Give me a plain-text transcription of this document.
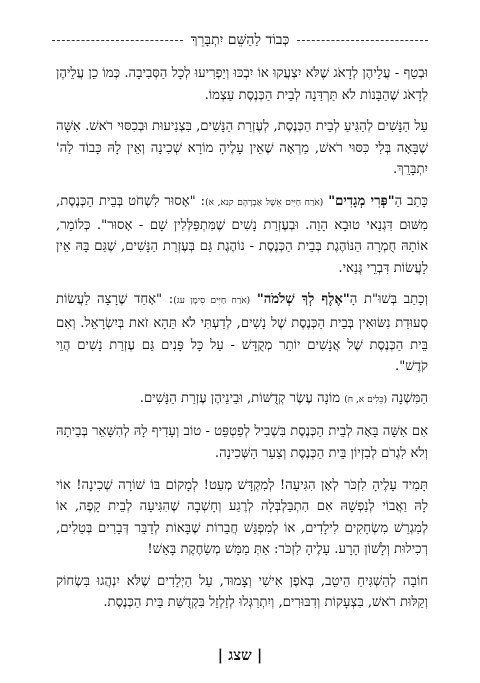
כְּבוֹד לַהַשֵּׁם יִתְבָּרֵךְ

וּבְטֵף - עֲלֵיהֶן לְדָאֹג שֶׁלֹּא יִצְעֲקוּ אוֹ יִבְכּוּ וְיַפְרִיעוּ לְכָל הַסְּבִיבָה. כְּמוֹ כֵן עֲלֵיהֶן לְדָאֹג שֶׁהַבָּנוֹת לֹא תַּרְדַּנָה לְבֵית הַכְּנֶסֶת עַצְמוֹ.

עַל הַנָּשִׁים לְהַגִּיעַ לְבֵית הַכְּנֶסֶת, לְעֶזְרַת הַנָּשִׁים, בִּצְנִיעוּת וּבְכִסּוּי רֹאשׁ. אִשָּׁה שֶׁבָּאָה בְּלִי כִּסּוּי רֹאשׁ, מַרְאָה שֶׁאֵין עָלֶיהָ מוֹרָא שְׁכִינָה וְאֵין לָהּ כָּבוֹד לַה' יִתְבָּרֵךְ.

כָּתַב הַ"פְּרִי מְגָדִים" (אֹרַח חַיִּים אֵשֶׁל אַבְרָהָם קנא, א): "אָסוּר לִשְׁחֹט בְּבֵית הַכְּנֶסֶת, מִשּׁוּם דִּגְנַאי טוּבָא הָוֵה. וּבְעֶזְרַת נָשִׁים שֶׁמִּתְפַּלְּלִין שָׁם - אָסוּר". כְּלוֹמַר, אוֹתָהּ חֻמְרָה הַנּוֹהֶגֶת בְּבֵית הַכְּנֶסֶת - נוֹהֶגֶת גַּם בְּעֶזְרַת הַנָּשִׁים, שֶׁגַּם בָּהּ אֵין לַעֲשׂוֹת דִּבְרֵי גְּנַאי.

וְכָתַב בְּשׁוּ"ת הָ"אֶלֶף לְךָ שְׁלֹמֹה" (אֹרַח חַיִּים סִימָן עג): "אָחַד שֶׁרָצָה לַעֲשׂוֹת סְעוּדַת נִשּׂוּאִין בְּבֵית הַכְּנֶסֶת שֶׁל נָשִׁים, לְדַעְתִּי לֹא תֵּהָא זֹאת בְּיִשְׂרָאֵל. וְאִם בֵּית הַכְּנֶסֶת שֶׁל אֲנָשִׁים יוֹתֵר מְקֻדָּשׁ - עַל כָּל פָּנִים גַּם עֶזְרַת נָשִׁים הֲוֵי קֹדֶשׁ".

הַמִּשְׁנָה (כֵּלִים א, ח) מוֹנָה עֶשֶׂר קְדֻשּׁוֹת, וּבֵינֵיהֶן עֶזְרַת הַנָּשִׁים.

אִם אִשָּׁה בָּאָה לְבֵית הַכְּנֶסֶת בִּשְׁבִיל לְפַטְפֵּט - טוֹב וְעָדִיף לָהּ לְהִשָּׁאֵר בְּבֵיתָהּ וְלֹא לִגְרֹם לְבִזְיוֹן בֵּית הַכְּנֶסֶת וְצַעַר הַשְּׁכִינָה.

תָּמִיד עָלֶיהָ לִזְכֹּר לְאָן הִגִּיעָה! לְמִקְדָּשׁ מְעַט! לְמָקוֹם בּוֹ שׁוֹרָה שְׁכִינָה! אוֹי לָהּ וַאֲבוֹי לְנַפְשָׁהּ אִם הִתְבַּלְבְּלָה לְרֶגַע וְחָשְׁבָה שֶׁהִגִּיעָה לְבֵית קָפֶה, אוֹ לְמִגְרַשׁ מִשְׂחָקִים לִילָדִים, אוֹ לְמִפְגַּשׁ חֲבֵרוֹת שֶׁבָּאוֹת לְדַבֵּר דְּבָרִים בְּטֵלִים, רְכִילוּת וְלָשׁוֹן הָרָע. עָלֶיהָ לִזְכֹּר: אַתְּ מַמָּשׁ מְשַׂחֶקֶת בָּאֵשׁ!

חוֹבָה לְהַשְׁגִּיחַ הֵיטֵב, בְּאֹפֶן אִישִׁי וְצָמוּד, עַל הַיְלָדִים שֶׁלֹּא יִנְהֲגוּ בִּשְׂחוֹק וְקַלּוּת רֹאשׁ, בִּצְעָקוֹת וְדִבּוּרִים, וְיִתְרַגְּלוּ לְזַלְזֵל בִּקְדֻשַּׁת בֵּית הַכְּנֶסֶת.

| שצג |
